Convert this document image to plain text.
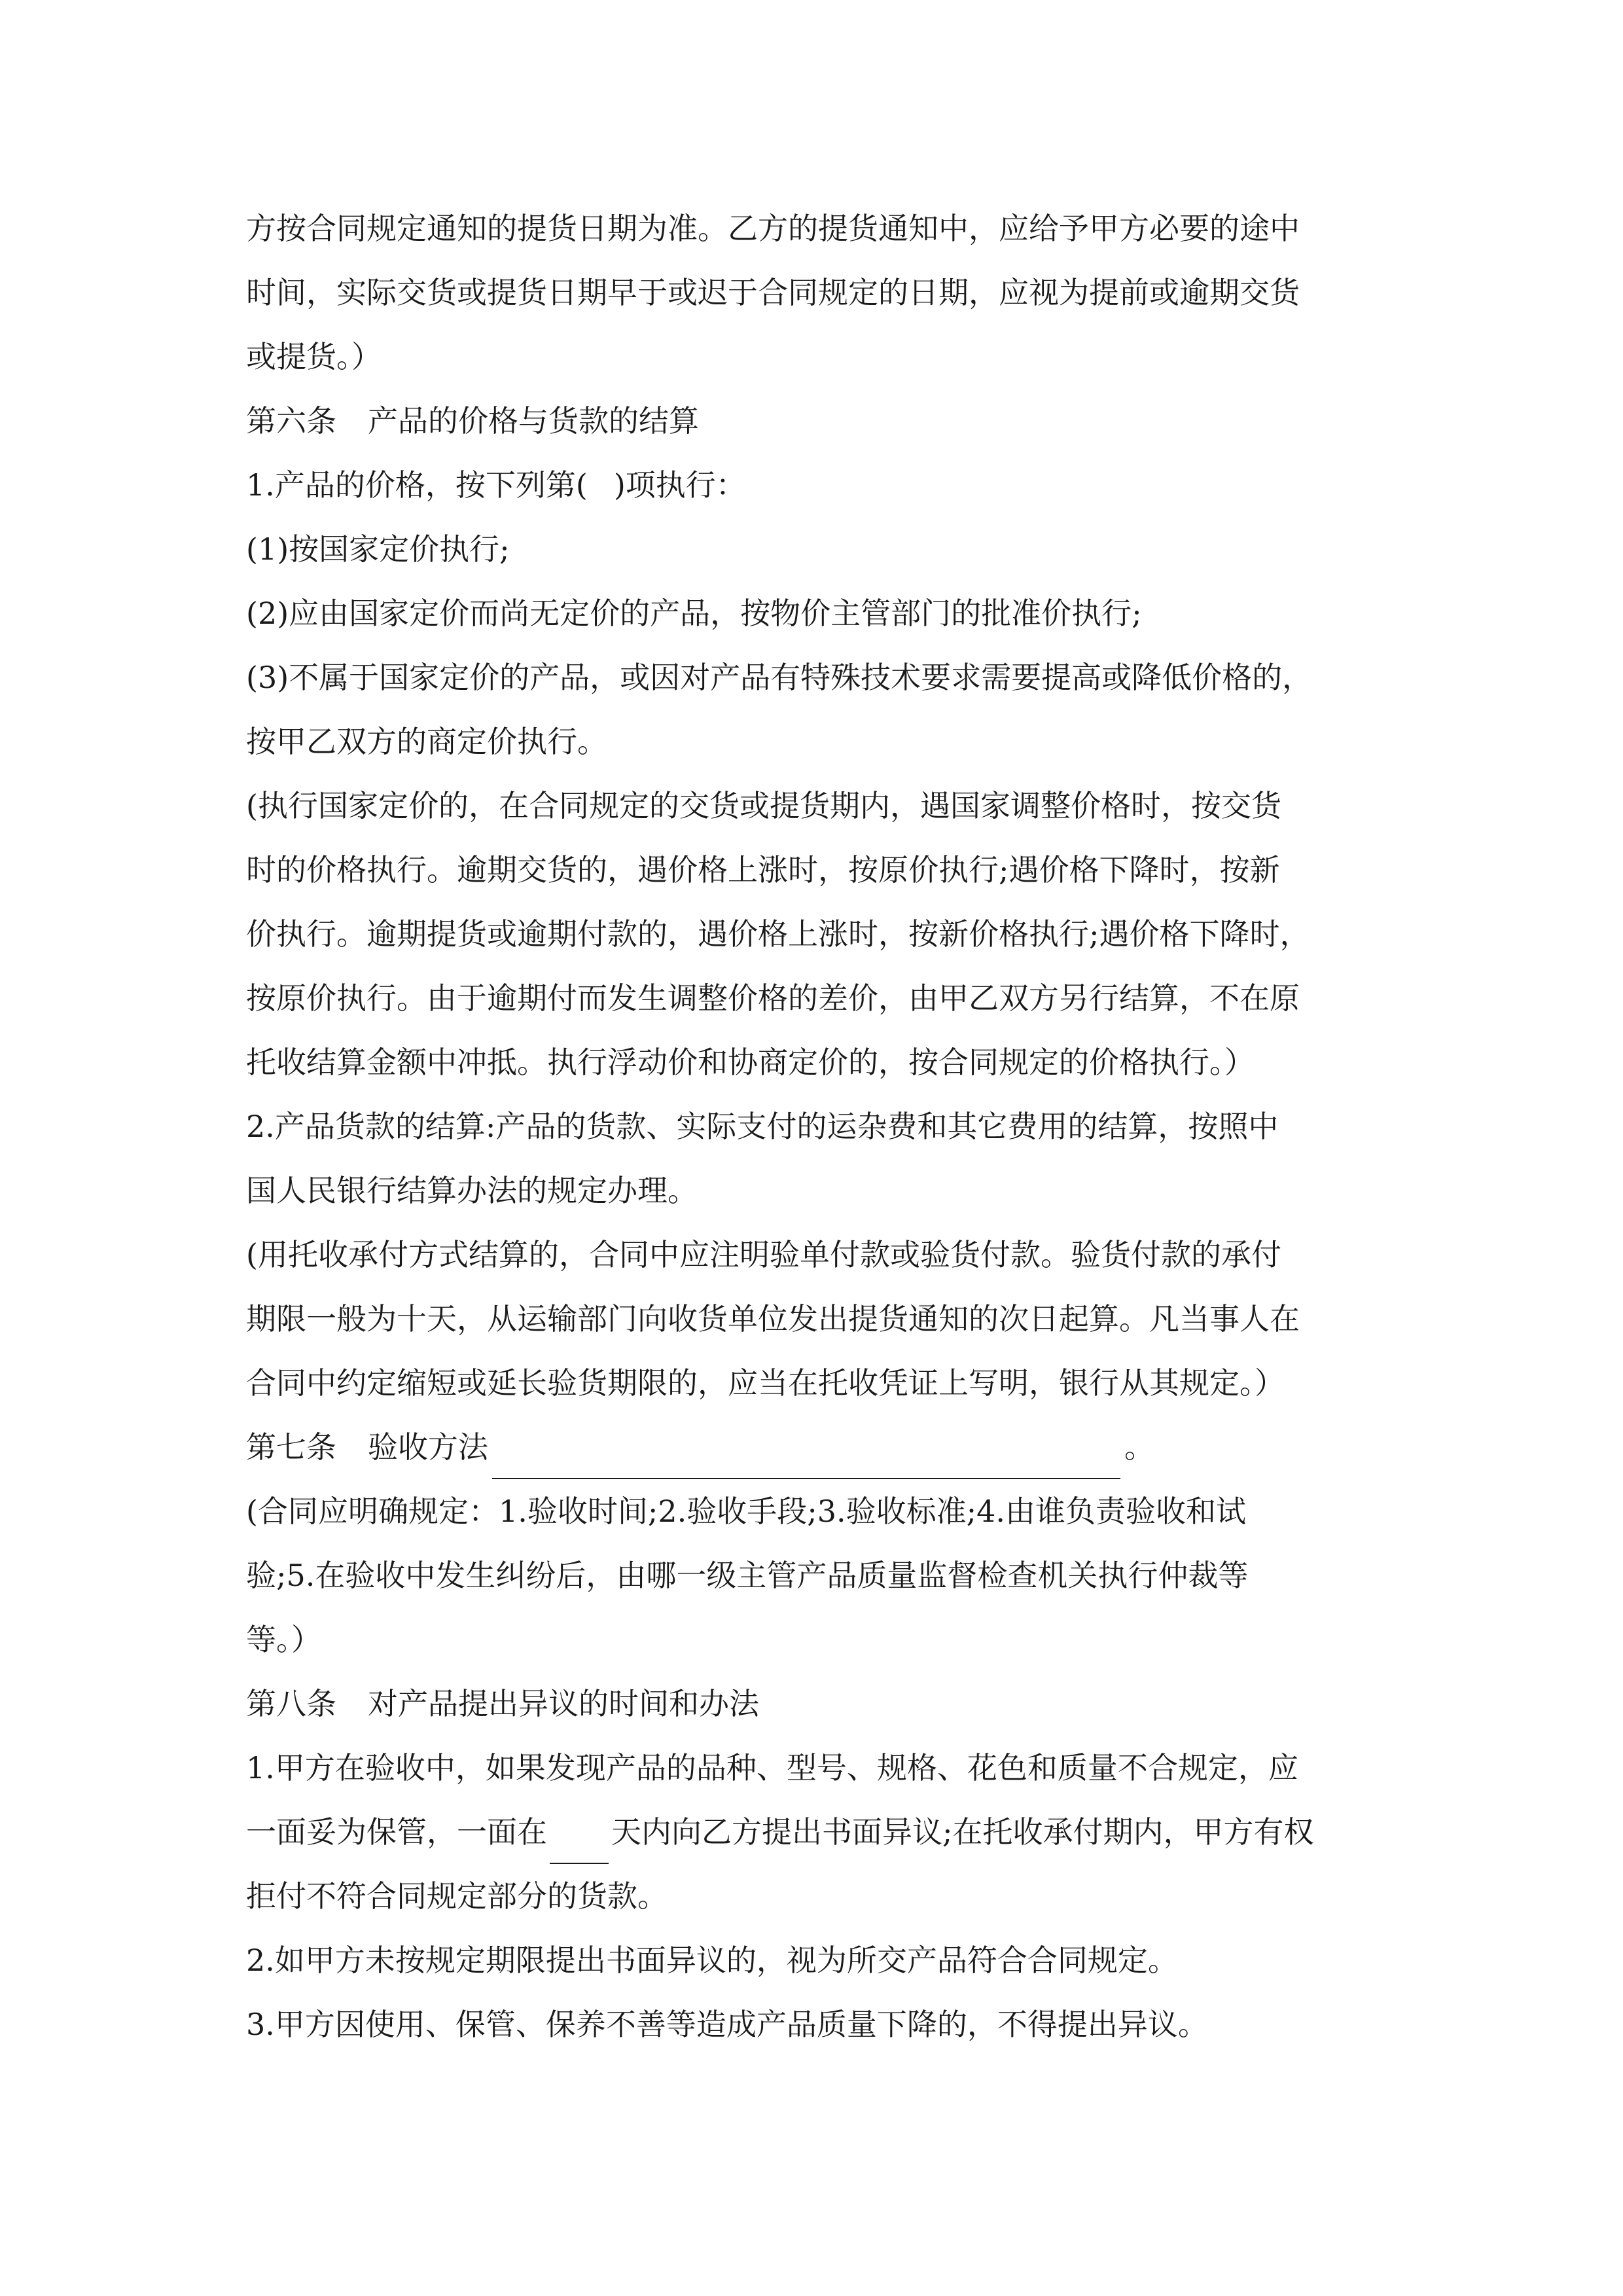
方按合同规定通知的提货日期为准。乙方的提货通知中，应给予甲方必要的途中
时间，实际交货或提货日期早于或迟于合同规定的日期，应视为提前或逾期交货
或提货。）
第六条 产品的价格与货款的结算
1.产品的价格，按下列第( )项执行：
(1)按国家定价执行;
(2)应由国家定价而尚无定价的产品，按物价主管部门的批准价执行;
(3)不属于国家定价的产品，或因对产品有特殊技术要求需要提高或降低价格的，
按甲乙双方的商定价执行。
(执行国家定价的，在合同规定的交货或提货期内，遇国家调整价格时，按交货
时的价格执行。逾期交货的，遇价格上涨时，按原价执行;遇价格下降时，按新
价执行。逾期提货或逾期付款的，遇价格上涨时，按新价格执行;遇价格下降时，
按原价执行。由于逾期付而发生调整价格的差价，由甲乙双方另行结算，不在原
托收结算金额中冲抵。执行浮动价和协商定价的，按合同规定的价格执行。）
2.产品货款的结算:产品的货款、实际支付的运杂费和其它费用的结算，按照中
国人民银行结算办法的规定办理。
(用托收承付方式结算的，合同中应注明验单付款或验货付款。验货付款的承付
期限一般为十天，从运输部门向收货单位发出提货通知的次日起算。凡当事人在
合同中约定缩短或延长验货期限的，应当在托收凭证上写明，银行从其规定。）
第七条 验收方法	。
(合同应明确规定：1.验收时间;2.验收手段;3.验收标准;4.由谁负责验收和试
验;5.在验收中发生纠纷后，由哪一级主管产品质量监督检查机关执行仲裁等
等。）
第八条 对产品提出异议的时间和办法
1.甲方在验收中，如果发现产品的品种、型号、规格、花色和质量不合规定，应
一面妥为保管，一面在 天内向乙方提出书面异议;在托收承付期内，甲方有权
拒付不符合同规定部分的货款。
2.如甲方未按规定期限提出书面异议的，视为所交产品符合合同规定。
3.甲方因使用、保管、保养不善等造成产品质量下降的，不得提出异议。
